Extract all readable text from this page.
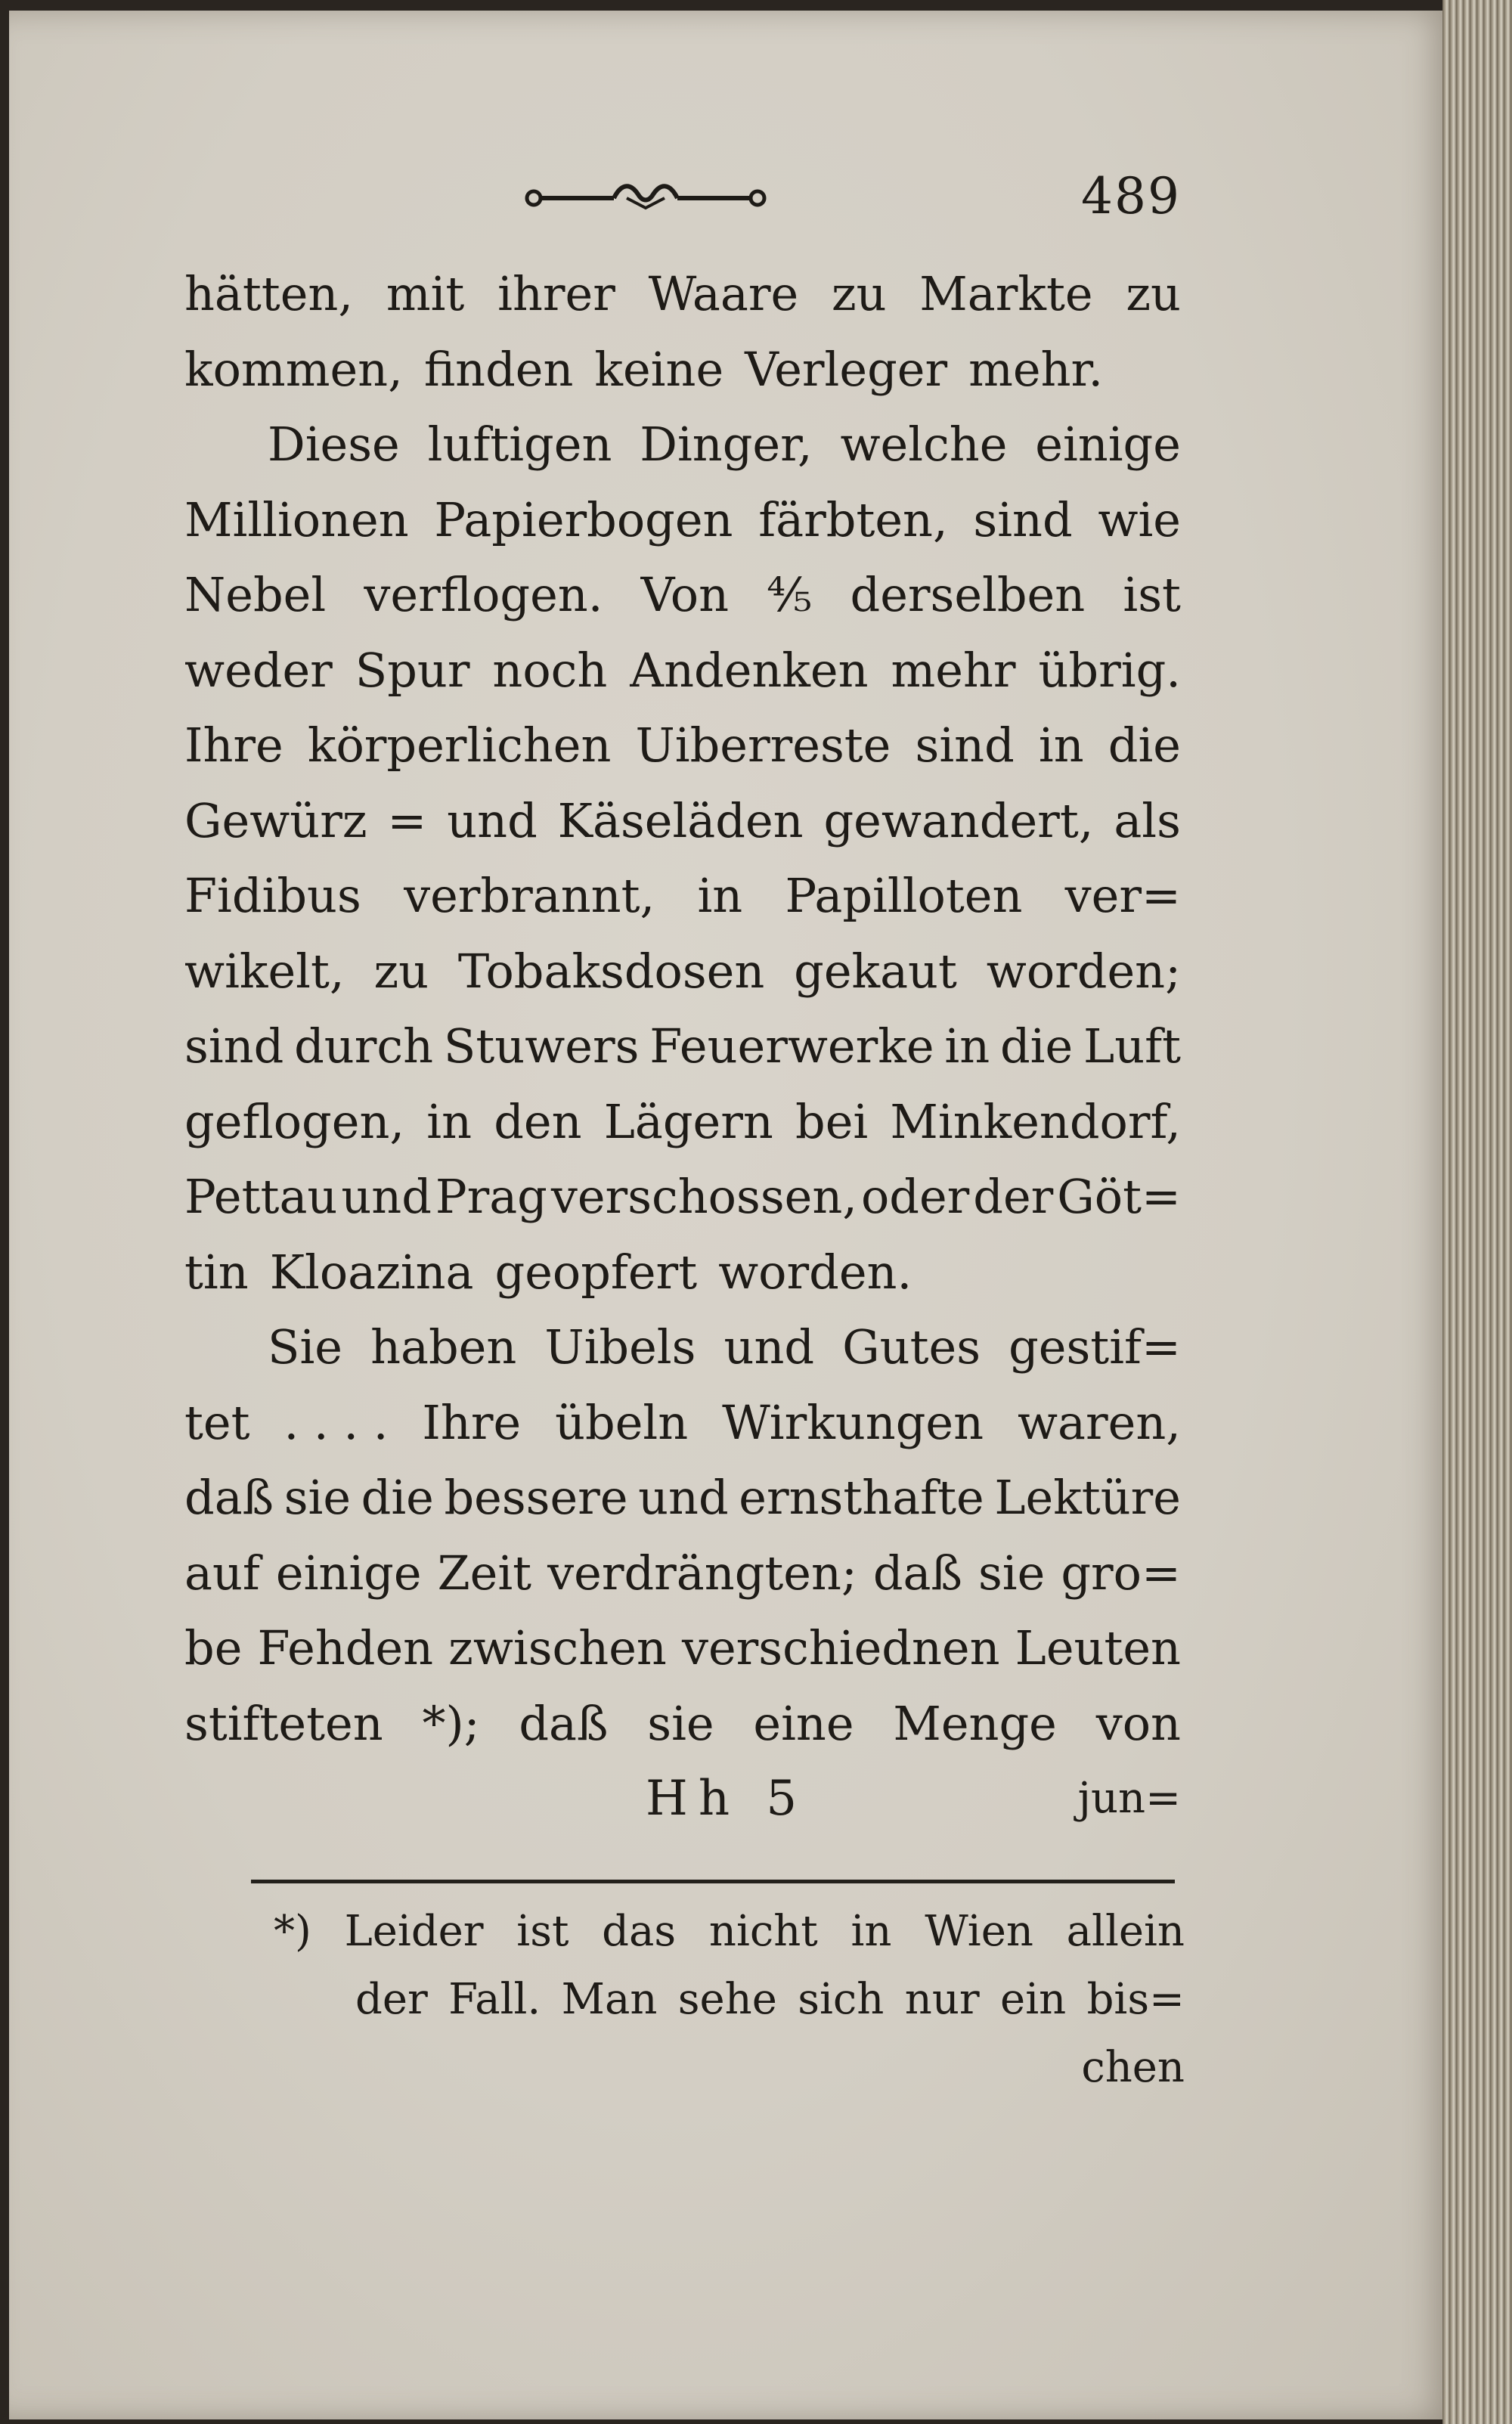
489
hätten, mit ihrer Waare zu Markte zu
kommen, finden keine Verleger mehr.
Diese luftigen Dinger, welche einige
Millionen Papierbogen färbten, sind wie
Nebel verflogen. Von ⁴⁄₅ derselben ist
weder Spur noch Andenken mehr übrig.
Ihre körperlichen Uiberreste sind in die
Gewürz = und Käseläden gewandert, als
Fidibus verbrannt, in Papilloten ver=
wikelt, zu Tobaksdosen gekaut worden;
sind durch Stuwers Feuerwerke in die Luft
geflogen, in den Lägern bei Minkendorf,
Pettau und Prag verschossen, oder der Göt=
tin Kloazina geopfert worden.
Sie haben Uibels und Gutes gestif=
tet . . . . Ihre übeln Wirkungen waren,
daß sie die bessere und ernsthafte Lektüre
auf einige Zeit verdrängten; daß sie gro=
be Fehden zwischen verschiednen Leuten
stifteten *); daß sie eine Menge von
Hh 5	jun=
*) Leider ist das nicht in Wien allein
der Fall. Man sehe sich nur ein bis=
chen
